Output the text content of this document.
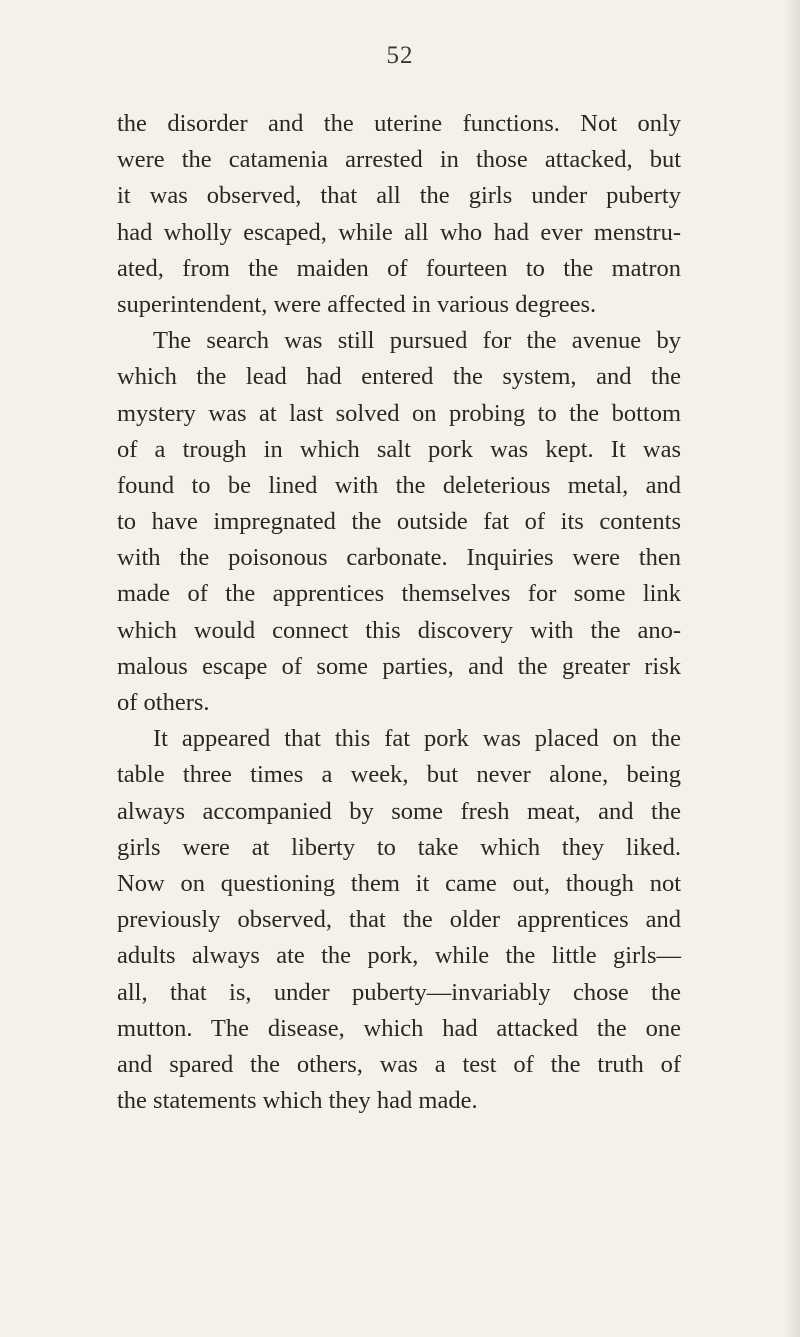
52
the disorder and the uterine functions. Not only
were the catamenia arrested in those attacked, but
it was observed, that all the girls under puberty
had wholly escaped, while all who had ever menstru-
ated, from the maiden of fourteen to the matron
superintendent, were affected in various degrees.
The search was still pursued for the avenue by
which the lead had entered the system, and the
mystery was at last solved on probing to the bottom
of a trough in which salt pork was kept. It was
found to be lined with the deleterious metal, and
to have impregnated the outside fat of its contents
with the poisonous carbonate. Inquiries were then
made of the apprentices themselves for some link
which would connect this discovery with the ano-
malous escape of some parties, and the greater risk
of others.
It appeared that this fat pork was placed on the
table three times a week, but never alone, being
always accompanied by some fresh meat, and the
girls were at liberty to take which they liked.
Now on questioning them it came out, though not
previously observed, that the older apprentices and
adults always ate the pork, while the little girls—
all, that is, under puberty—invariably chose the
mutton. The disease, which had attacked the one
and spared the others, was a test of the truth of
the statements which they had made.
